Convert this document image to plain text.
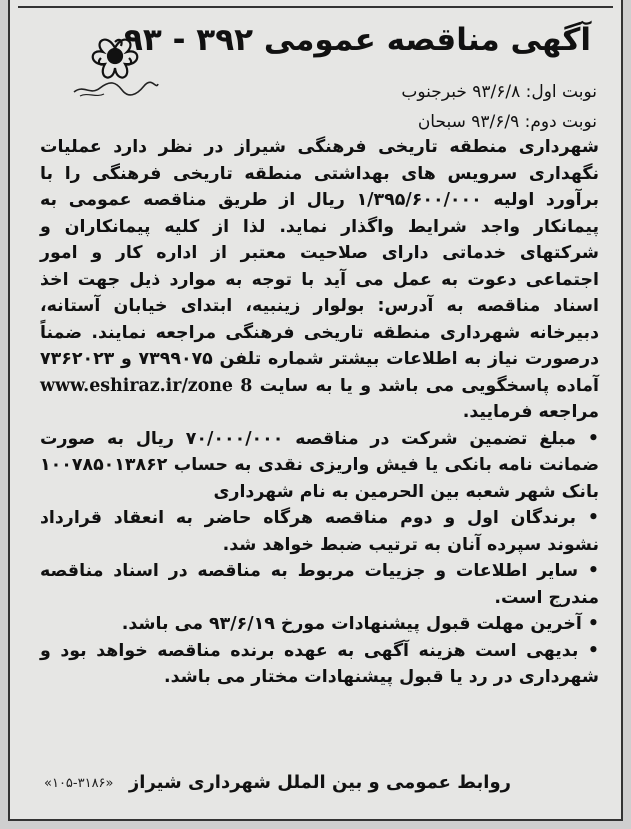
آگهی مناقصه عمومی ۳۹۲ - ۹۳
نوبت اول: ۹۳/۶/۸ خبرجنوب
نوبت دوم: ۹۳/۶/۹ سبحان

شهرداری منطقه تاریخی فرهنگی شیراز در نظر دارد عملیات نگهداری سرویس های بهداشتی منطقه تاریخی فرهنگی را با برآورد اولیه ۱/۳۹۵/۶۰۰/۰۰۰ ریال از طریق مناقصه عمومی به پیمانکار واجد شرایط واگذار نماید. لذا از کلیه پیمانکاران و شرکتهای خدماتی دارای صلاحیت معتبر از اداره کار و امور اجتماعی دعوت به عمل می آید با توجه به موارد ذیل جهت اخذ اسناد مناقصه به آدرس: بولوار زینبیه، ابتدای خیابان آستانه، دبیرخانه شهرداری منطقه تاریخی فرهنگی مراجعه نمایند. ضمناً درصورت نیاز به اطلاعات بیشتر شماره تلفن ۷۳۹۹۰۷۵ و ۷۳۶۲۰۲۳ آماده پاسخگویی می باشد و یا به سایت www.eshiraz.ir/zone 8 مراجعه فرمایید.

• مبلغ تضمین شرکت در مناقصه ۷۰/۰۰۰/۰۰۰ ریال به صورت ضمانت نامه بانکی یا فیش واریزی نقدی به حساب ۱۰۰۷۸۵۰۱۳۸۶۲ بانک شهر شعبه بین الحرمین به نام شهرداری

• برندگان اول و دوم مناقصه هرگاه حاضر به انعقاد قرارداد نشوند سپرده آنان به ترتیب ضبط خواهد شد.

• سایر اطلاعات و جزییات مربوط به مناقصه در اسناد مناقصه مندرج است.

• آخرین مهلت قبول پیشنهادات مورخ ۹۳/۶/۱۹ می باشد.

• بدیهی است هزینه آگهی به عهده برنده مناقصه خواهد بود و شهرداری در رد یا قبول پیشنهادات مختار می باشد.

روابط عمومی و بین الملل شهرداری شیراز
«۱۰۵-۳۱۸۶»
